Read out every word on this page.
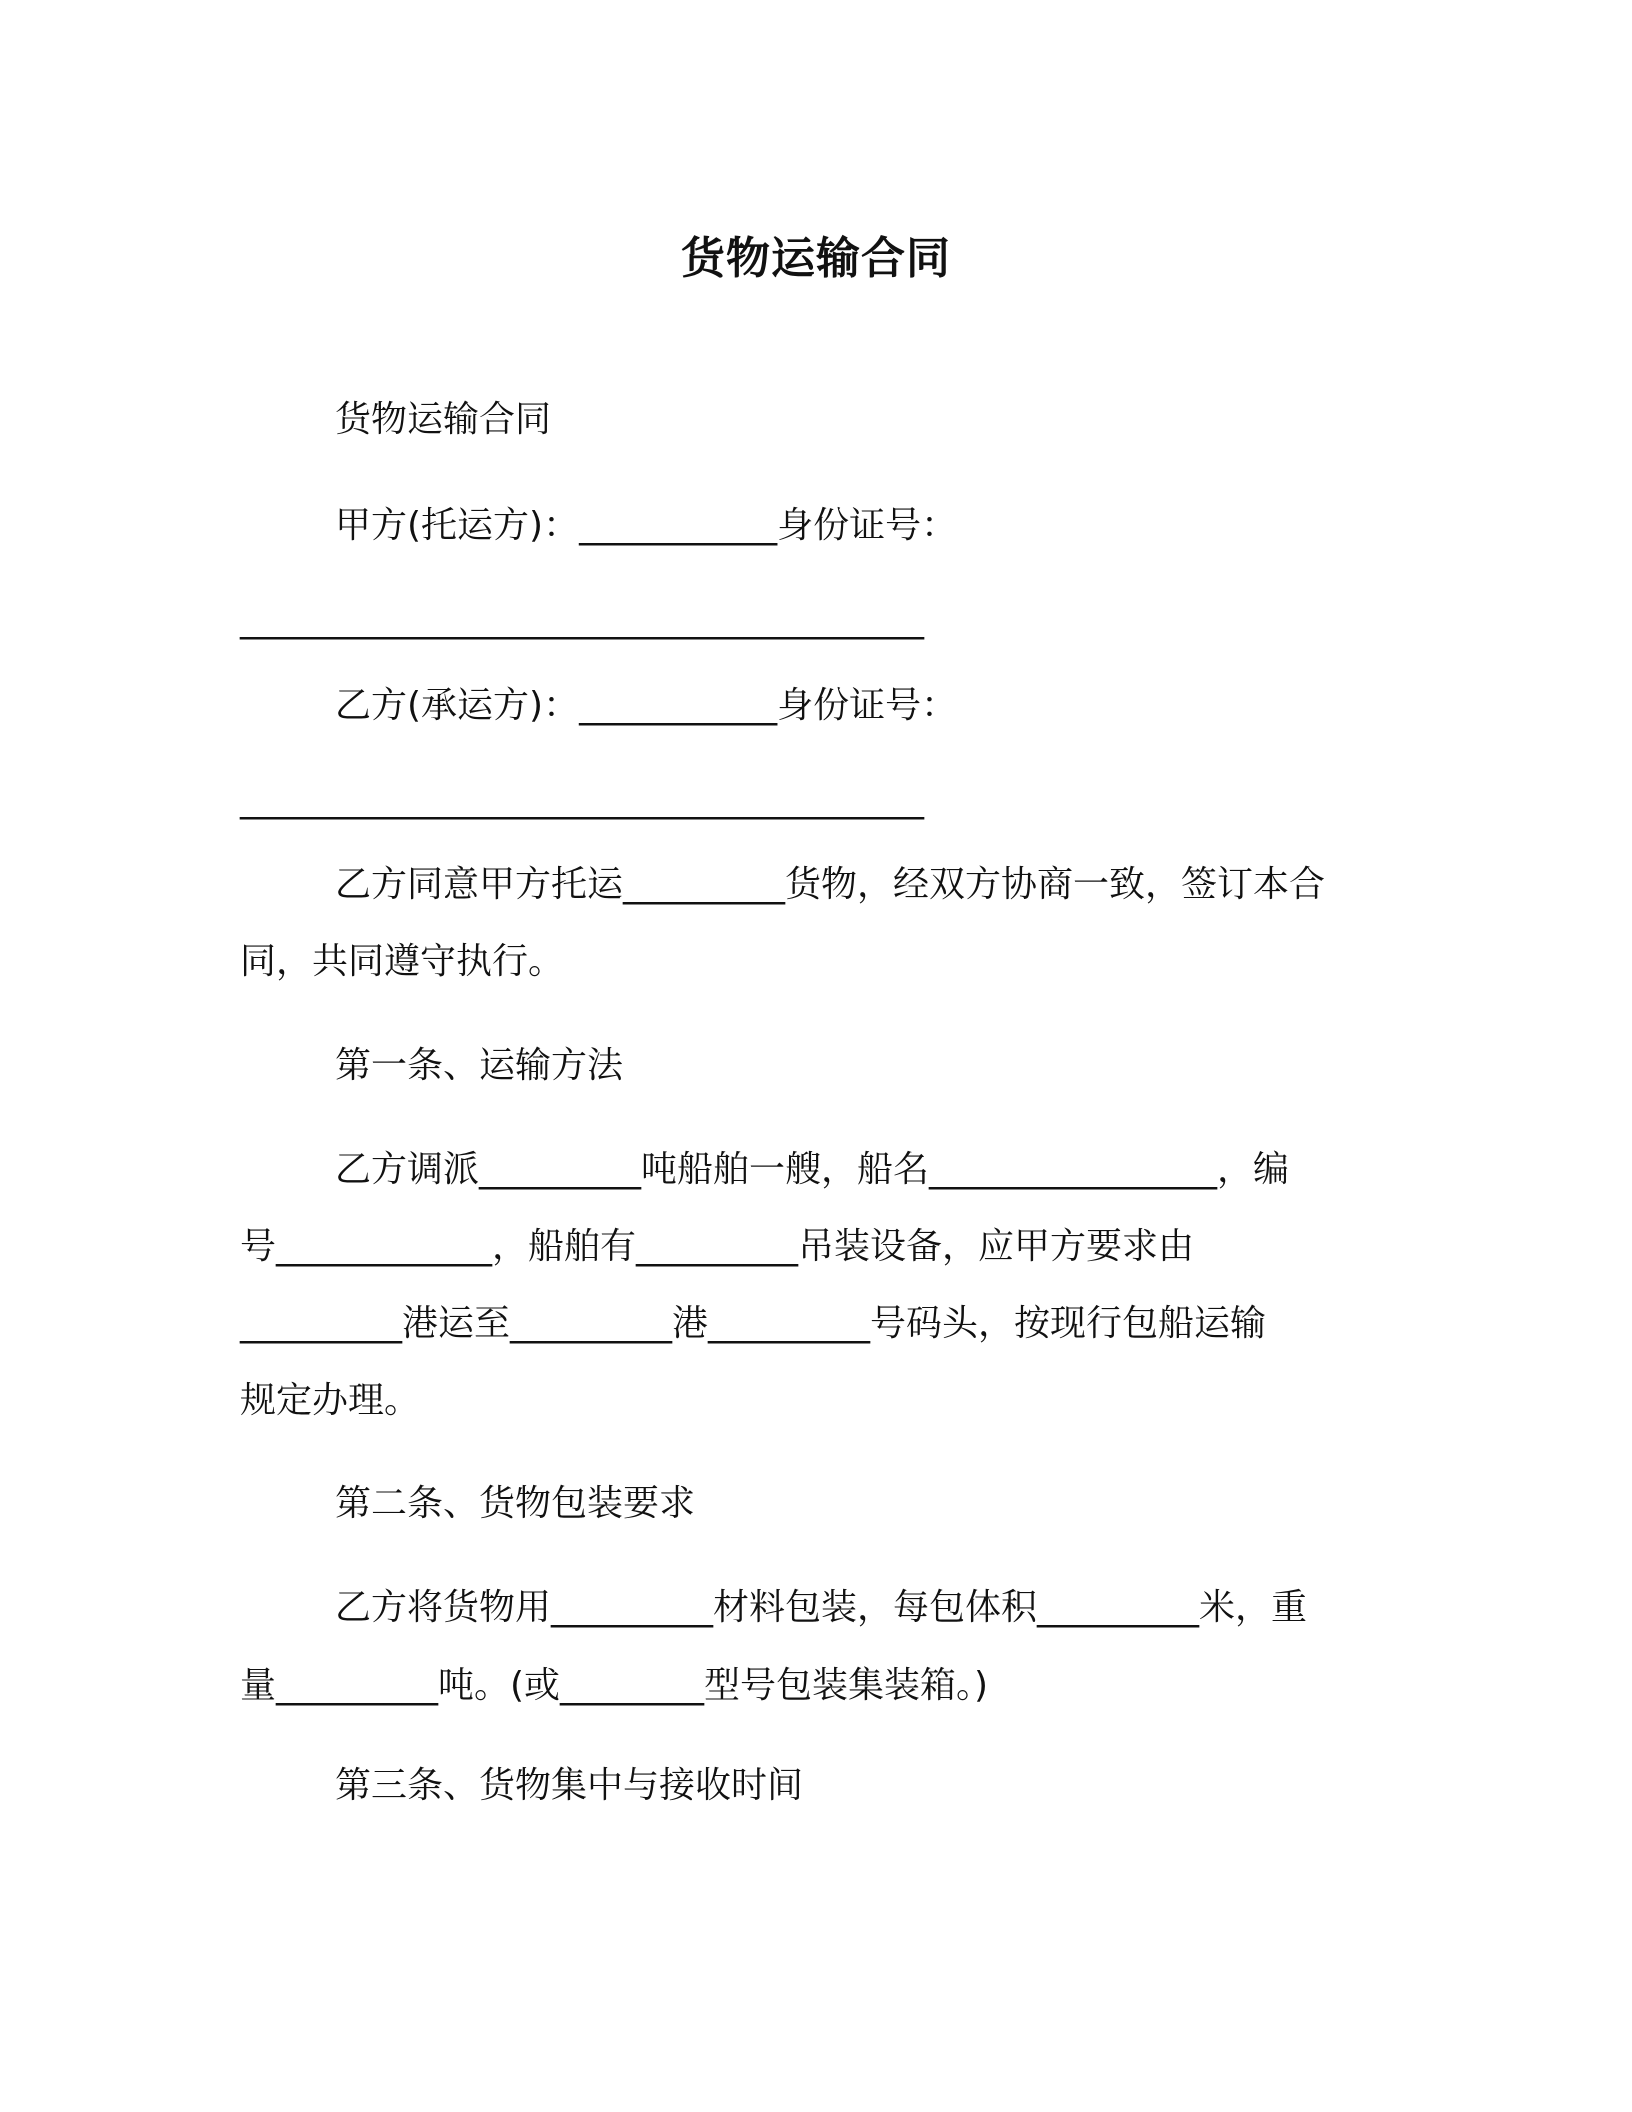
货物运输合同
货物运输合同
甲方(托运方)：___________身份证号：
______________________________________
乙方(承运方)：___________身份证号：
______________________________________
乙方同意甲方托运_________货物，经双方协商一致，签订本合
同，共同遵守执行。
第一条、运输方法
乙方调派_________吨船舶一艘，船名________________，编
号____________，船舶有_________吊装设备，应甲方要求由
_________港运至_________港_________号码头，按现行包船运输
规定办理。
第二条、货物包装要求
乙方将货物用_________材料包装，每包体积_________米，重
量_________吨。(或________型号包装集装箱。)
第三条、货物集中与接收时间
